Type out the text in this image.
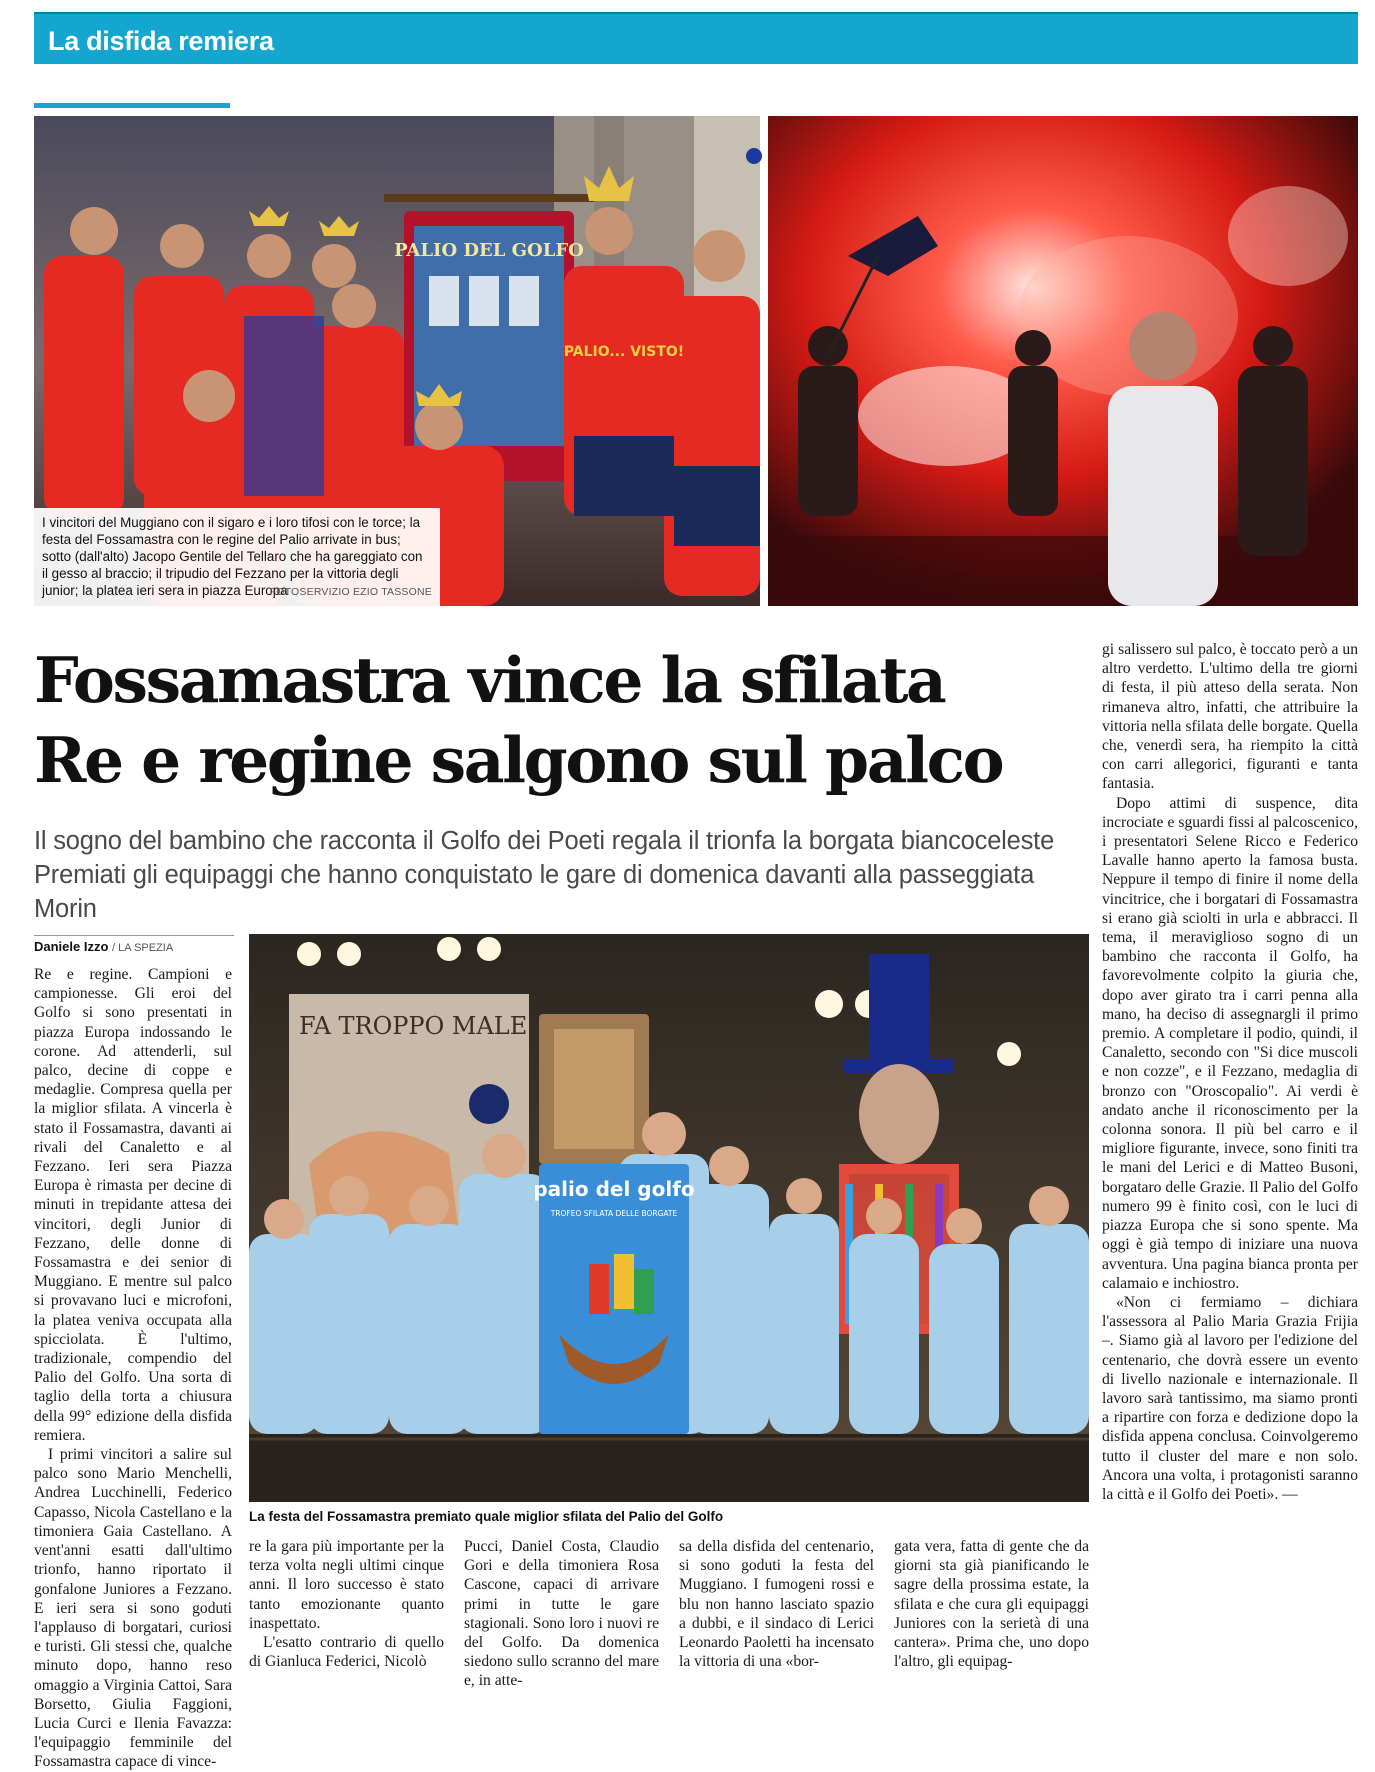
La disfida remiera
PALIO DEL GOLFO
PALIO... VISTO!
I vincitori del Muggiano con il sigaro e i loro tifosi con le torce; la festa del Fossamastra con le regine del Palio arrivate in bus; sotto (dall'alto) Jacopo Gentile del Tellaro che ha gareggiato con il gesso al braccio; il tripudio del Fezzano per la vittoria degli junior; la platea ieri sera in piazza Europa
FOTOSERVIZIO EZIO TASSONE
Fossamastra vince la sfilata
Re e regine salgono sul palco
Il sogno del bambino che racconta il Golfo dei Poeti regala il trionfa la borgata biancoceleste
Premiati gli equipaggi che hanno conquistato le gare di domenica davanti alla passeggiata Morin
Daniele Izzo / LA SPEZIA

Re e regine. Campioni e campionesse. Gli eroi del Golfo si sono presentati in piazza Europa indossando le corone. Ad attenderli, sul palco, decine di coppe e medaglie. Compresa quella per la miglior sfilata. A vincerla è stato il Fossamastra, davanti ai rivali del Canaletto e al Fezzano. Ieri sera Piazza Europa è rimasta per decine di minuti in trepidante attesa dei vincitori, degli Junior di Fezzano, delle donne di Fossamastra e dei senior di Muggiano. E mentre sul palco si provavano luci e microfoni, la platea veniva occupata alla spicciolata. È l'ultimo, tradizionale, compendio del Palio del Golfo. Una sorta di taglio della torta a chiusura della 99° edizione della disfida remiera.

I primi vincitori a salire sul palco sono Mario Menchelli, Andrea Lucchinelli, Federico Capasso, Nicola Castellano e la timoniera Gaia Castellano. A vent'anni esatti dall'ultimo trionfo, hanno riportato il gonfalone Juniores a Fezzano. E ieri sera si sono goduti l'applauso di borgatari, curiosi e turisti. Gli stessi che, qualche minuto dopo, hanno reso omaggio a Virginia Cattoi, Sara Borsetto, Giulia Faggioni, Lucia Curci e Ilenia Favazza: l'equipaggio femminile del Fossamastra capace di vince-

FA TROPPO MALE
palio del golfo
TROFEO SFILATA DELLE BORGATE
La festa del Fossamastra premiato quale miglior sfilata del Palio del Golfo

re la gara più importante per la terza volta negli ultimi cinque anni. Il loro successo è stato tanto emozionante quanto inaspettato.

L'esatto contrario di quello di Gianluca Federici, Nicolò

Pucci, Daniel Costa, Claudio Gori e della timoniera Rosa Cascone, capaci di arrivare primi in tutte le gare stagionali. Sono loro i nuovi re del Golfo. Da domenica siedono sullo scranno del mare e, in atte-

sa della disfida del centenario, si sono goduti la festa del Muggiano. I fumogeni rossi e blu non hanno lasciato spazio a dubbi, e il sindaco di Lerici Leonardo Paoletti ha incensato la vittoria di una «bor-

gata vera, fatta di gente che da giorni sta già pianificando le sagre della prossima estate, la sfilata e che cura gli equipaggi Juniores con la serietà di una cantera». Prima che, uno dopo l'altro, gli equipag-

gi salissero sul palco, è toccato però a un altro verdetto. L'ultimo della tre giorni di festa, il più atteso della serata. Non rimaneva altro, infatti, che attribuire la vittoria nella sfilata delle borgate. Quella che, venerdì sera, ha riempito la città con carri allegorici, figuranti e tanta fantasia.

Dopo attimi di suspence, dita incrociate e sguardi fissi al palcoscenico, i presentatori Selene Ricco e Federico Lavalle hanno aperto la famosa busta. Neppure il tempo di finire il nome della vincitrice, che i borgatari di Fossamastra si erano già sciolti in urla e abbracci. Il tema, il meraviglioso sogno di un bambino che racconta il Golfo, ha favorevolmente colpito la giuria che, dopo aver girato tra i carri penna alla mano, ha deciso di assegnargli il primo premio. A completare il podio, quindi, il Canaletto, secondo con "Si dice muscoli e non cozze", e il Fezzano, medaglia di bronzo con "Oroscopalio". Ai verdi è andato anche il riconoscimento per la colonna sonora. Il più bel carro e il migliore figurante, invece, sono finiti tra le mani del Lerici e di Matteo Busoni, borgataro delle Grazie. Il Palio del Golfo numero 99 è finito così, con le luci di piazza Europa che si sono spente. Ma oggi è già tempo di iniziare una nuova avventura. Una pagina bianca pronta per calamaio e inchiostro.

«Non ci fermiamo – dichiara l'assessora al Palio Maria Grazia Frijia –. Siamo già al lavoro per l'edizione del centenario, che dovrà essere un evento di livello nazionale e internazionale. Il lavoro sarà tantissimo, ma siamo pronti a ripartire con forza e dedizione dopo la disfida appena conclusa. Coinvolgeremo tutto il cluster del mare e non solo. Ancora una volta, i protagonisti saranno la città e il Golfo dei Poeti». —
